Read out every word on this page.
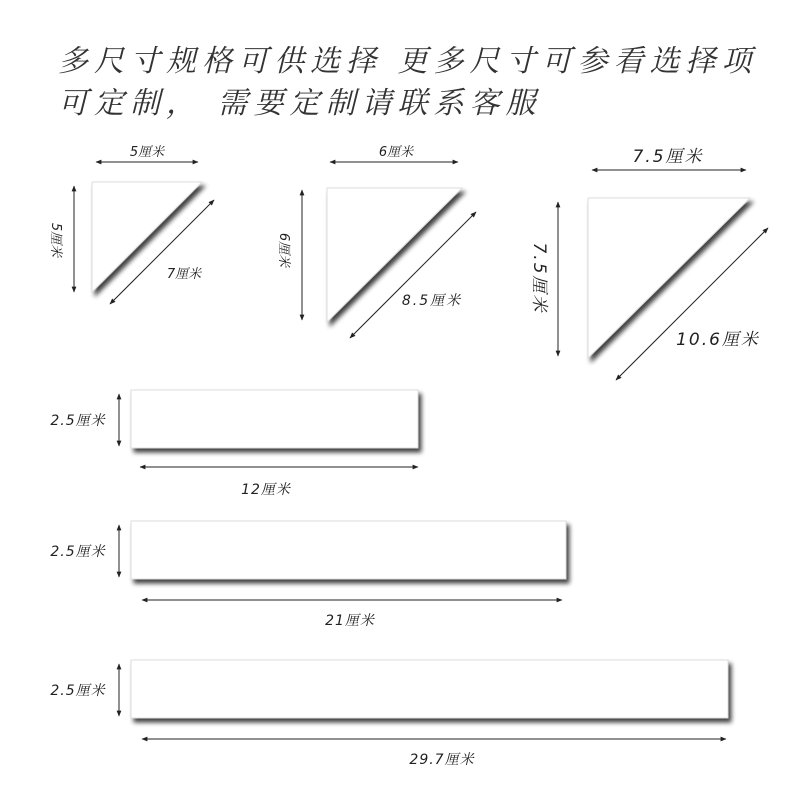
多尺寸规格可供选择 更多尺寸可参看选择项
可定制， 需要定制请联系客服
5厘米
5厘米
7厘米
6厘米
6厘米
8.5厘米
7.5厘米
7.5厘米
10.6厘米
2.5厘米
12厘米
2.5厘米
21厘米
2.5厘米
29.7厘米
